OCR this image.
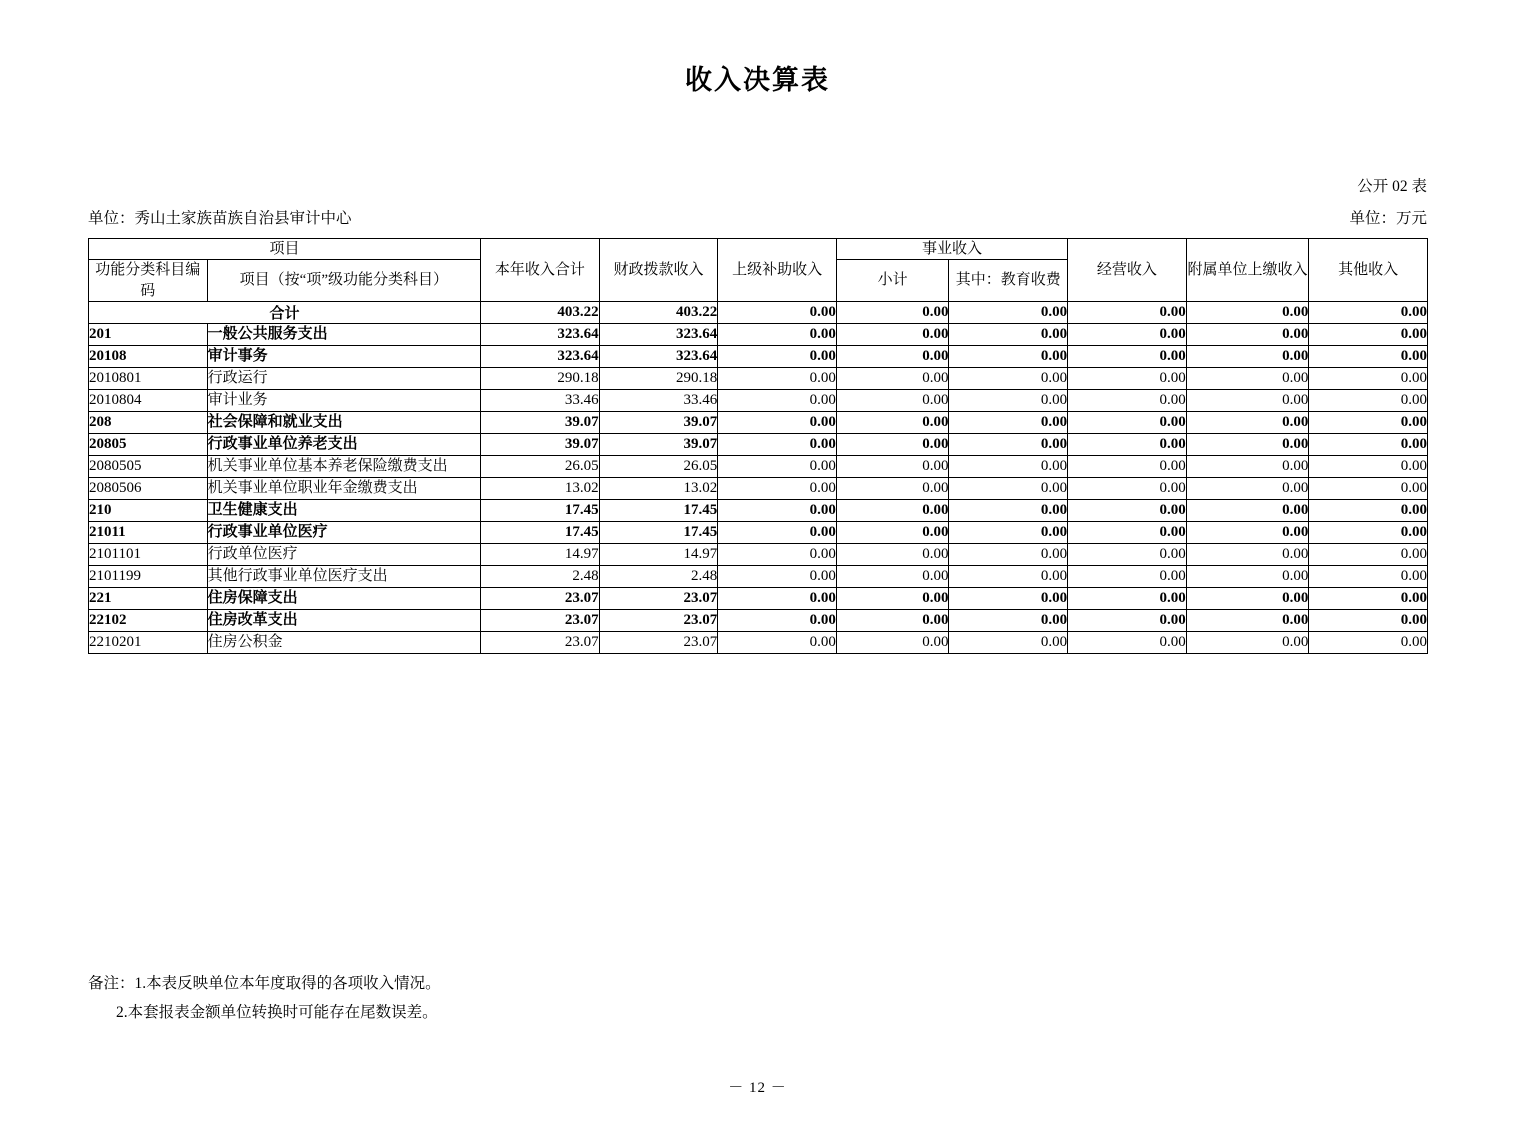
收入决算表
公开 02 表
单位：秀山土家族苗族自治县审计中心	单位：万元
项目		本年收入合计	财政拨款收入	上级补助收入	事业收入		经营收入	附属单位上缴收入	其他收入
功能分类科目编码	项目（按“项”级功能分类科目）				小计	其中：教育收费			

合计		403.22	403.22	0.00	0.00	0.00	0.00	0.00	0.00
201	一般公共服务支出	323.64	323.64	0.00	0.00	0.00	0.00	0.00	0.00
20108	审计事务	323.64	323.64	0.00	0.00	0.00	0.00	0.00	0.00
2010801	行政运行	290.18	290.18	0.00	0.00	0.00	0.00	0.00	0.00
2010804	审计业务	33.46	33.46	0.00	0.00	0.00	0.00	0.00	0.00
208	社会保障和就业支出	39.07	39.07	0.00	0.00	0.00	0.00	0.00	0.00
20805	行政事业单位养老支出	39.07	39.07	0.00	0.00	0.00	0.00	0.00	0.00
2080505	机关事业单位基本养老保险缴费支出	26.05	26.05	0.00	0.00	0.00	0.00	0.00	0.00
2080506	机关事业单位职业年金缴费支出	13.02	13.02	0.00	0.00	0.00	0.00	0.00	0.00
210	卫生健康支出	17.45	17.45	0.00	0.00	0.00	0.00	0.00	0.00
21011	行政事业单位医疗	17.45	17.45	0.00	0.00	0.00	0.00	0.00	0.00
2101101	行政单位医疗	14.97	14.97	0.00	0.00	0.00	0.00	0.00	0.00
2101199	其他行政事业单位医疗支出	2.48	2.48	0.00	0.00	0.00	0.00	0.00	0.00
221	住房保障支出	23.07	23.07	0.00	0.00	0.00	0.00	0.00	0.00
22102	住房改革支出	23.07	23.07	0.00	0.00	0.00	0.00	0.00	0.00
2210201	住房公积金	23.07	23.07	0.00	0.00	0.00	0.00	0.00	0.00
备注：1.本表反映单位本年度取得的各项收入情况。
2.本套报表金额单位转换时可能存在尾数误差。
－ 12 －
